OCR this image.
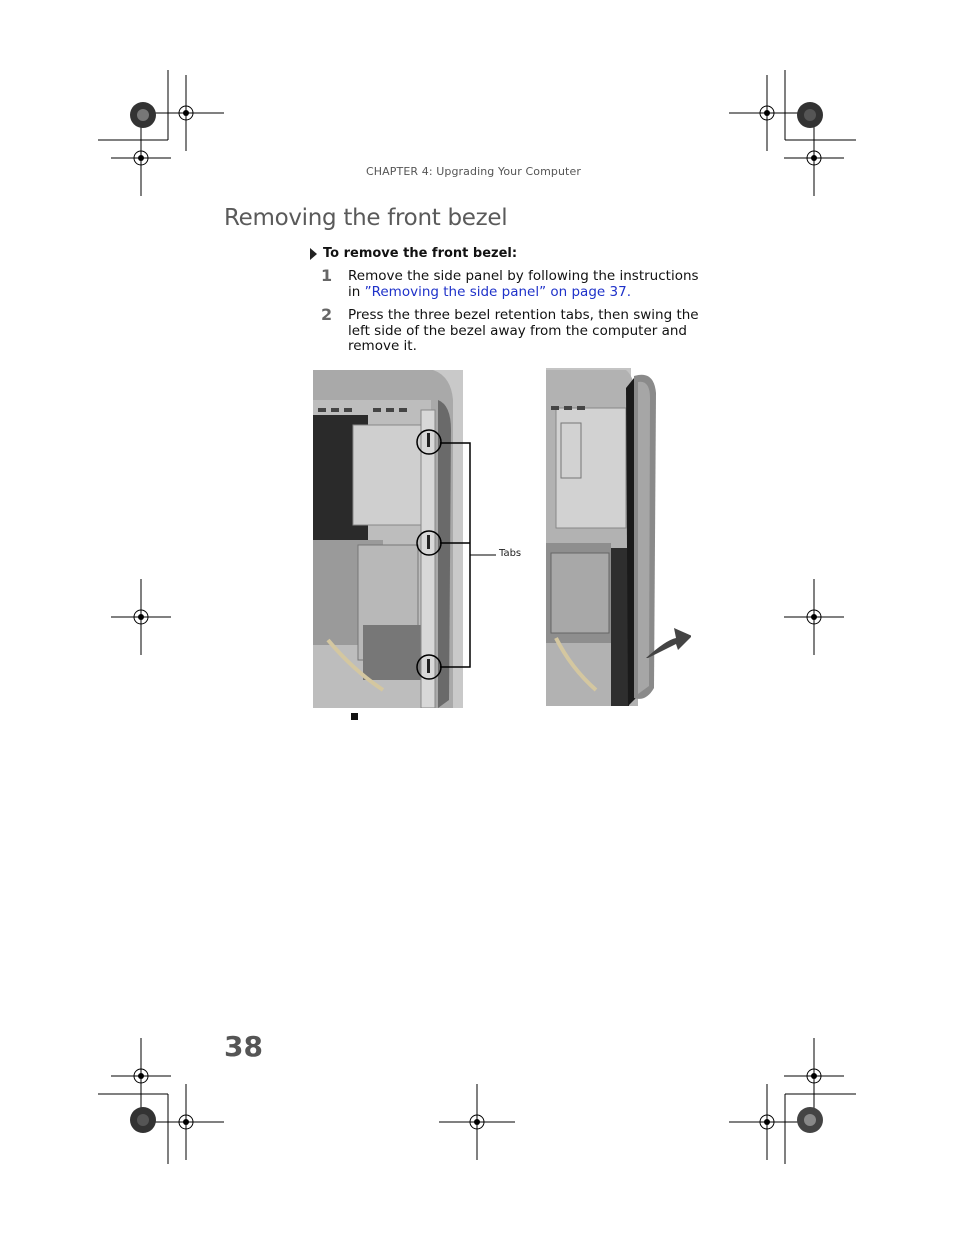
CHAPTER 4: Upgrading Your Computer
Removing the front bezel
To remove the front bezel:
1 Remove the side panel by following the instructions in ”Removing the side panel” on page 37.
2 Press the three bezel retention tabs, then swing the left side of the bezel away from the computer and remove it.
Tabs
38
